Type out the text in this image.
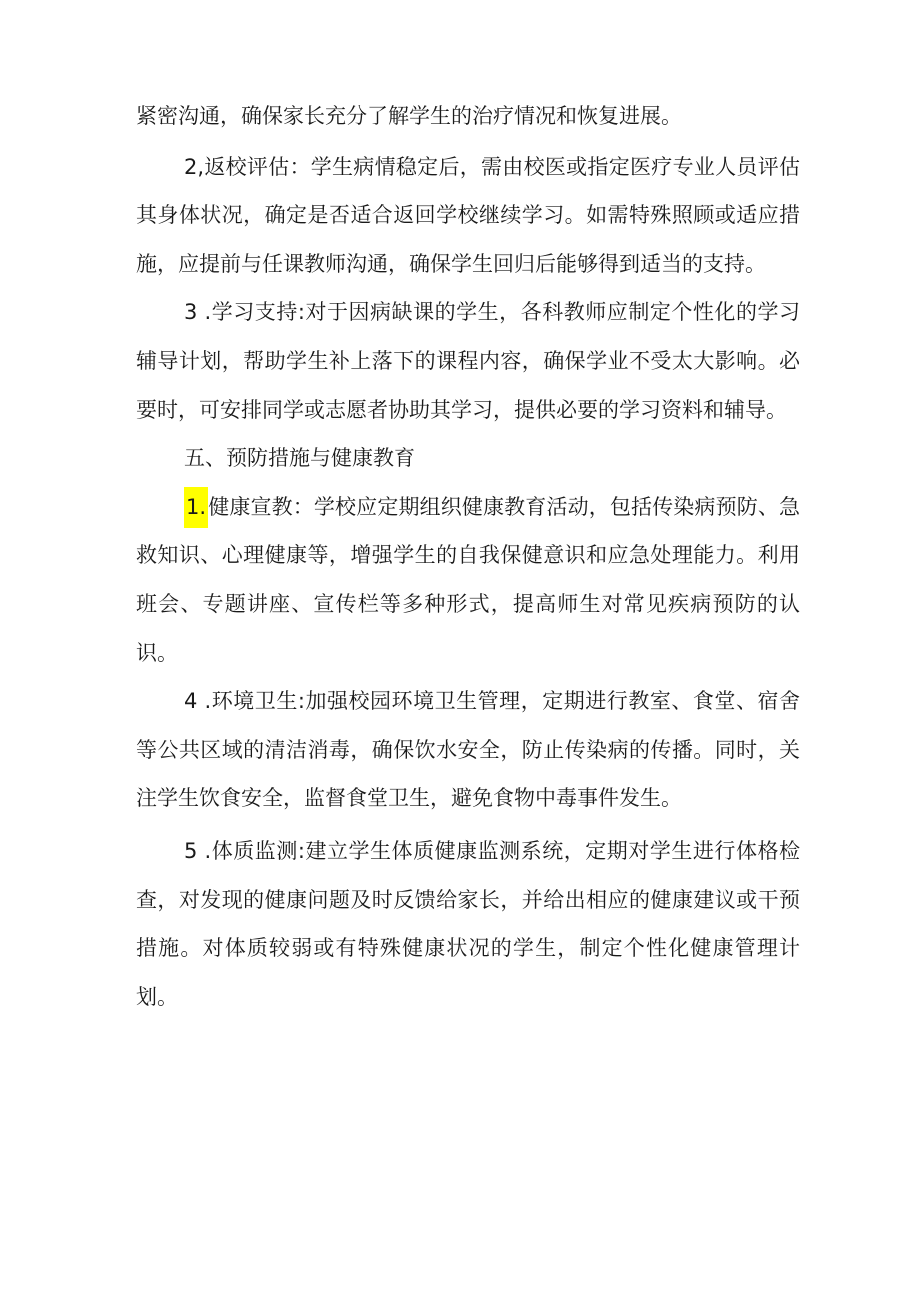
紧密沟通，确保家长充分了解学生的治疗情况和恢复进展。

2,返校评估：学生病情稳定后，需由校医或指定医疗专业人员评估其身体状况，确定是否适合返回学校继续学习。如需特殊照顾或适应措施，应提前与任课教师沟通，确保学生回归后能够得到适当的支持。

3 .学习支持:对于因病缺课的学生，各科教师应制定个性化的学习辅导计划，帮助学生补上落下的课程内容，确保学业不受太大影响。必要时，可安排同学或志愿者协助其学习，提供必要的学习资料和辅导。

五、预防措施与健康教育

1.健康宣教：学校应定期组织健康教育活动，包括传染病预防、急救知识、心理健康等，增强学生的自我保健意识和应急处理能力。利用班会、专题讲座、宣传栏等多种形式，提高师生对常见疾病预防的认识。

4 .环境卫生:加强校园环境卫生管理，定期进行教室、食堂、宿舍等公共区域的清洁消毒，确保饮水安全，防止传染病的传播。同时，关注学生饮食安全，监督食堂卫生，避免食物中毒事件发生。

5 .体质监测:建立学生体质健康监测系统，定期对学生进行体格检查，对发现的健康问题及时反馈给家长，并给出相应的健康建议或干预措施。对体质较弱或有特殊健康状况的学生，制定个性化健康管理计划。
